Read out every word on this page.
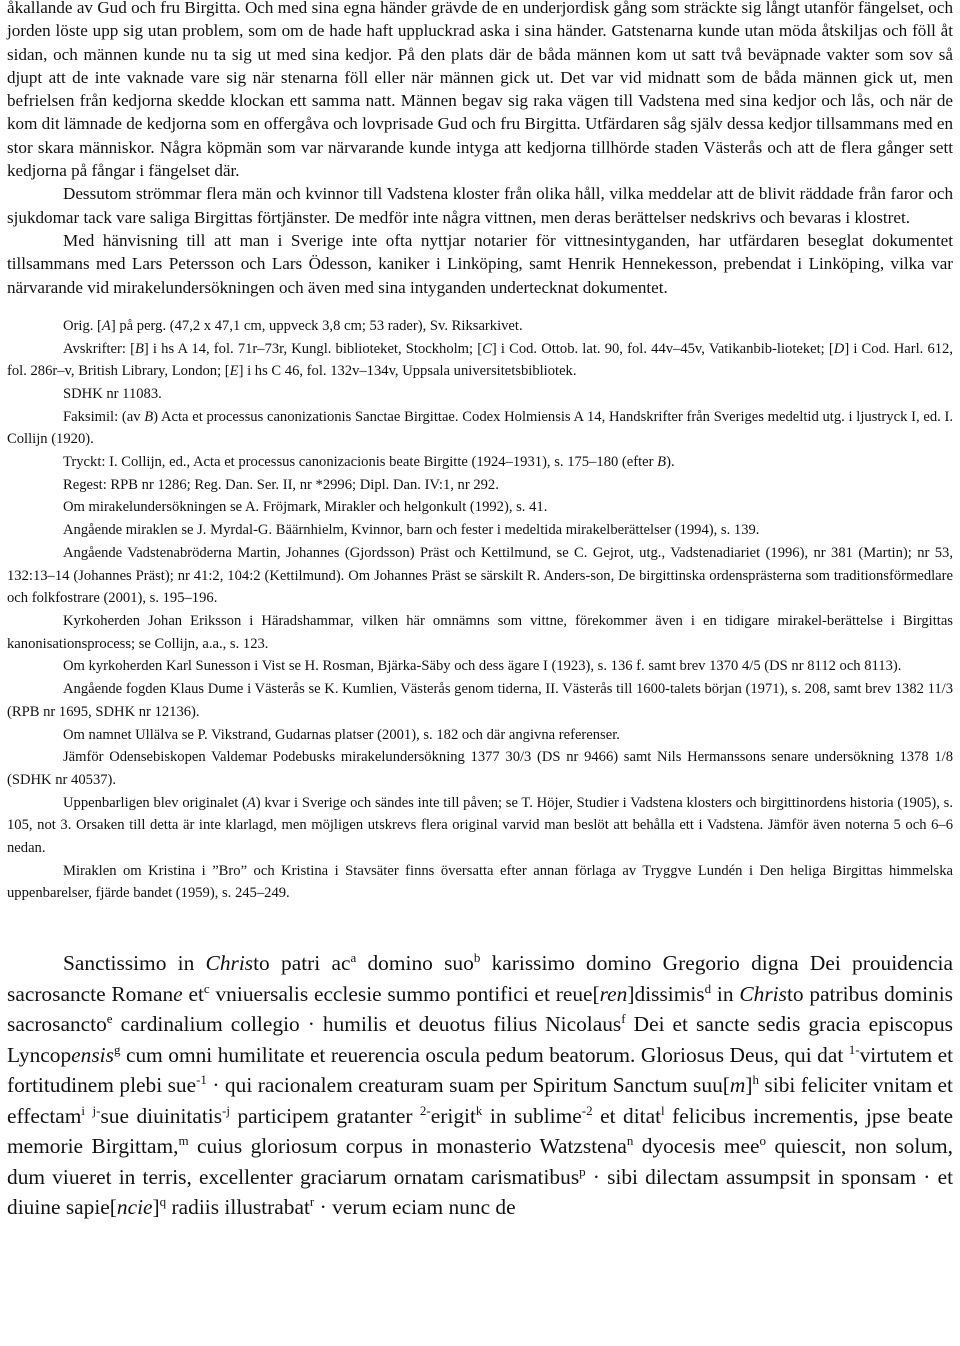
åkallande av Gud och fru Birgitta. Och med sina egna händer grävde de en underjordisk gång som sträckte sig långt utanför fängelset, och jorden löste upp sig utan problem, som om de hade haft uppluckrad aska i sina händer. Gatstenarna kunde utan möda åtskiljas och föll åt sidan, och männen kunde nu ta sig ut med sina kedjor. På den plats där de båda männen kom ut satt två beväpnade vakter som sov så djupt att de inte vaknade vare sig när stenarna föll eller när männen gick ut. Det var vid midnatt som de båda männen gick ut, men befrielsen från kedjorna skedde klockan ett samma natt. Männen begav sig raka vägen till Vadstena med sina kedjor och lås, och när de kom dit lämnade de kedjorna som en offergåva och lovprisade Gud och fru Birgitta. Utfärdaren såg själv dessa kedjor tillsammans med en stor skara människor. Några köpmän som var närvarande kunde intyga att kedjorna tillhörde staden Västerås och att de flera gånger sett kedjorna på fångar i fängelset där.

Dessutom strömmar flera män och kvinnor till Vadstena kloster från olika håll, vilka meddelar att de blivit räddade från faror och sjukdomar tack vare saliga Birgittas förtjänster. De medför inte några vittnen, men deras berättelser nedskrivs och bevaras i klostret.

Med hänvisning till att man i Sverige inte ofta nyttjar notarier för vittnesintyganden, har utfärdaren beseglat dokumentet tillsammans med Lars Petersson och Lars Ödesson, kaniker i Linköping, samt Henrik Hennekesson, prebendat i Linköping, vilka var närvarande vid mirakelundersökningen och även med sina intyganden undertecknat dokumentet.

Orig. [A] på perg. (47,2 x 47,1 cm, uppveck 3,8 cm; 53 rader), Sv. Riksarkivet.

Avskrifter: [B] i hs A 14, fol. 71r–73r, Kungl. biblioteket, Stockholm; [C] i Cod. Ottob. lat. 90, fol. 44v–45v, Vatikanbib-lioteket; [D] i Cod. Harl. 612, fol. 286r–v, British Library, London; [E] i hs C 46, fol. 132v–134v, Uppsala universitetsbibliotek.

SDHK nr 11083.

Faksimil: (av B) Acta et processus canonizationis Sanctae Birgittae. Codex Holmiensis A 14, Handskrifter från Sveriges medeltid utg. i ljustryck I, ed. I. Collijn (1920).

Tryckt: I. Collijn, ed., Acta et processus canonizacionis beate Birgitte (1924–1931), s. 175–180 (efter B).

Regest: RPB nr 1286; Reg. Dan. Ser. II, nr *2996; Dipl. Dan. IV:1, nr 292.

Om mirakelundersökningen se A. Fröjmark, Mirakler och helgonkult (1992), s. 41.

Angående miraklen se J. Myrdal-G. Bäärnhielm, Kvinnor, barn och fester i medeltida mirakelberättelser (1994), s. 139.

Angående Vadstenabröderna Martin, Johannes (Gjordsson) Präst och Kettilmund, se C. Gejrot, utg., Vadstenadiariet (1996), nr 381 (Martin); nr 53, 132:13–14 (Johannes Präst); nr 41:2, 104:2 (Kettilmund). Om Johannes Präst se särskilt R. Anders-son, De birgittinska ordensprästerna som traditionsförmedlare och folkfostrare (2001), s. 195–196.

Kyrkoherden Johan Eriksson i Häradshammar, vilken här omnämns som vittne, förekommer även i en tidigare mirakel-berättelse i Birgittas kanonisationsprocess; se Collijn, a.a., s. 123.

Om kyrkoherden Karl Sunesson i Vist se H. Rosman, Bjärka-Säby och dess ägare I (1923), s. 136 f. samt brev 1370 4/5 (DS nr 8112 och 8113).

Angående fogden Klaus Dume i Västerås se K. Kumlien, Västerås genom tiderna, II. Västerås till 1600-talets början (1971), s. 208, samt brev 1382 11/3 (RPB nr 1695, SDHK nr 12136).

Om namnet Ullälva se P. Vikstrand, Gudarnas platser (2001), s. 182 och där angivna referenser.

Jämför Odensebiskopen Valdemar Podebusks mirakelundersökning 1377 30/3 (DS nr 9466) samt Nils Hermanssons senare undersökning 1378 1/8 (SDHK nr 40537).

Uppenbarligen blev originalet (A) kvar i Sverige och sändes inte till påven; se T. Höjer, Studier i Vadstena klosters och birgittinordens historia (1905), s. 105, not 3. Orsaken till detta är inte klarlagd, men möjligen utskrevs flera original varvid man beslöt att behålla ett i Vadstena. Jämför även noterna 5 och 6–6 nedan.

Miraklen om Kristina i ”Bro” och Kristina i Stavsäter finns översatta efter annan förlaga av Tryggve Lundén i Den heliga Birgittas himmelska uppenbarelser, fjärde bandet (1959), s. 245–249.

Sanctissimo in Christo patri $ac^a$ domino suo$^b$ karissimo domino Gregorio digna Dei prouidencia sacrosancte Romane $et^c$ vniuersalis ecclesie summo pontifici et reue[ren]dissimis$^d$ in Christo patribus dominis sacrosancto$^e$ cardinalium collegio · humilis et deuotus filius Nicolaus$^f$ Dei et sancte sedis gracia episcopus Lyncopensis$^g$ cum omni humilitate et reuerencia oscula pedum beatorum. Gloriosus Deus, qui dat $^{1-}$virtutem et fortitudinem plebi sue$^{-1}$ · qui racionalem creaturam suam per Spiritum Sanctum $suu[m]^h$ sibi feliciter vnitam et effectam$^i$ $^{j-}$sue diuinitatis$^{-j}$ participem gratanter $^{2-}$erigit$^k$ in sublime$^{-2}$ et ditat$^l$ felicibus incrementis, jpse beate memorie Birgittam,$^m$ cuius gloriosum corpus in monasterio Watzstena$^n$ dyocesis mee$^o$ quiescit, non solum, dum viueret in terris, excellenter graciarum ornatam carismatibus$^p$ · sibi dilectam assumpsit in sponsam · et diuine sapie[ncie]$^q$ radiis illustrabat$^r$ · verum eciam nunc de
